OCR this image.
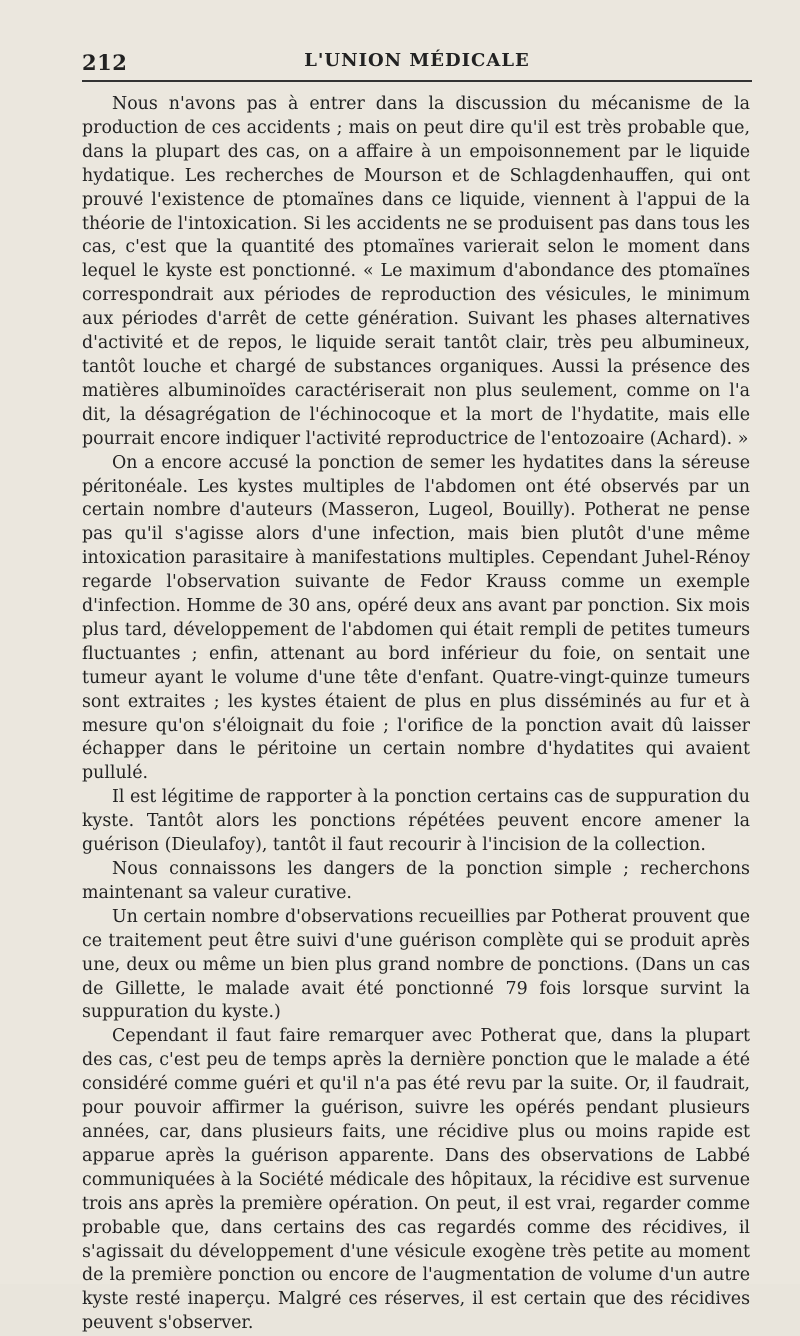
212	L'UNION MÉDICALE

Nous n'avons pas à entrer dans la discussion du mécanisme de la production de ces accidents ; mais on peut dire qu'il est très probable que, dans la plupart des cas, on a affaire à un empoisonnement par le liquide hydatique. Les recherches de Mourson et de Schlagdenhauffen, qui ont prouvé l'existence de ptomaïnes dans ce liquide, viennent à l'appui de la théorie de l'intoxication. Si les accidents ne se produisent pas dans tous les cas, c'est que la quantité des ptomaïnes varierait selon le moment dans lequel le kyste est ponctionné. « Le maximum d'abondance des ptomaïnes correspondrait aux périodes de reproduction des vésicules, le minimum aux périodes d'arrêt de cette génération. Suivant les phases alternatives d'activité et de repos, le liquide serait tantôt clair, très peu albumineux, tantôt louche et chargé de substances organiques. Aussi la présence des matières albuminoïdes caractériserait non plus seulement, comme on l'a dit, la désagrégation de l'échinocoque et la mort de l'hydatite, mais elle pourrait encore indiquer l'activité reproductrice de l'entozoaire (Achard). »

On a encore accusé la ponction de semer les hydatites dans la séreuse péritonéale. Les kystes multiples de l'abdomen ont été observés par un certain nombre d'auteurs (Masseron, Lugeol, Bouilly). Potherat ne pense pas qu'il s'agisse alors d'une infection, mais bien plutôt d'une même intoxication parasitaire à manifestations multiples. Cependant Juhel-Rénoy regarde l'observation suivante de Fedor Krauss comme un exemple d'infection. Homme de 30 ans, opéré deux ans avant par ponction. Six mois plus tard, développement de l'abdomen qui était rempli de petites tumeurs fluctuantes ; enfin, attenant au bord inférieur du foie, on sentait une tumeur ayant le volume d'une tête d'enfant. Quatre-vingt-quinze tumeurs sont extraites ; les kystes étaient de plus en plus disséminés au fur et à mesure qu'on s'éloignait du foie ; l'orifice de la ponction avait dû laisser échapper dans le péritoine un certain nombre d'hydatites qui avaient pullulé.

Il est légitime de rapporter à la ponction certains cas de suppuration du kyste. Tantôt alors les ponctions répétées peuvent encore amener la guérison (Dieulafoy), tantôt il faut recourir à l'incision de la collection.

Nous connaissons les dangers de la ponction simple ; recherchons maintenant sa valeur curative.

Un certain nombre d'observations recueillies par Potherat prouvent que ce traitement peut être suivi d'une guérison complète qui se produit après une, deux ou même un bien plus grand nombre de ponctions. (Dans un cas de Gillette, le malade avait été ponctionné 79 fois lorsque survint la suppuration du kyste.)

Cependant il faut faire remarquer avec Potherat que, dans la plupart des cas, c'est peu de temps après la dernière ponction que le malade a été considéré comme guéri et qu'il n'a pas été revu par la suite. Or, il faudrait, pour pouvoir affirmer la guérison, suivre les opérés pendant plusieurs années, car, dans plusieurs faits, une récidive plus ou moins rapide est apparue après la guérison apparente. Dans des observations de Labbé communiquées à la Société médicale des hôpitaux, la récidive est survenue trois ans après la première opération. On peut, il est vrai, regarder comme probable que, dans certains des cas regardés comme des récidives, il s'agissait du développement d'une vésicule exogène très petite au moment de la première ponction ou encore de l'augmentation de volume d'un autre kyste resté inaperçu. Malgré ces réserves, il est certain que des récidives peuvent s'observer.
